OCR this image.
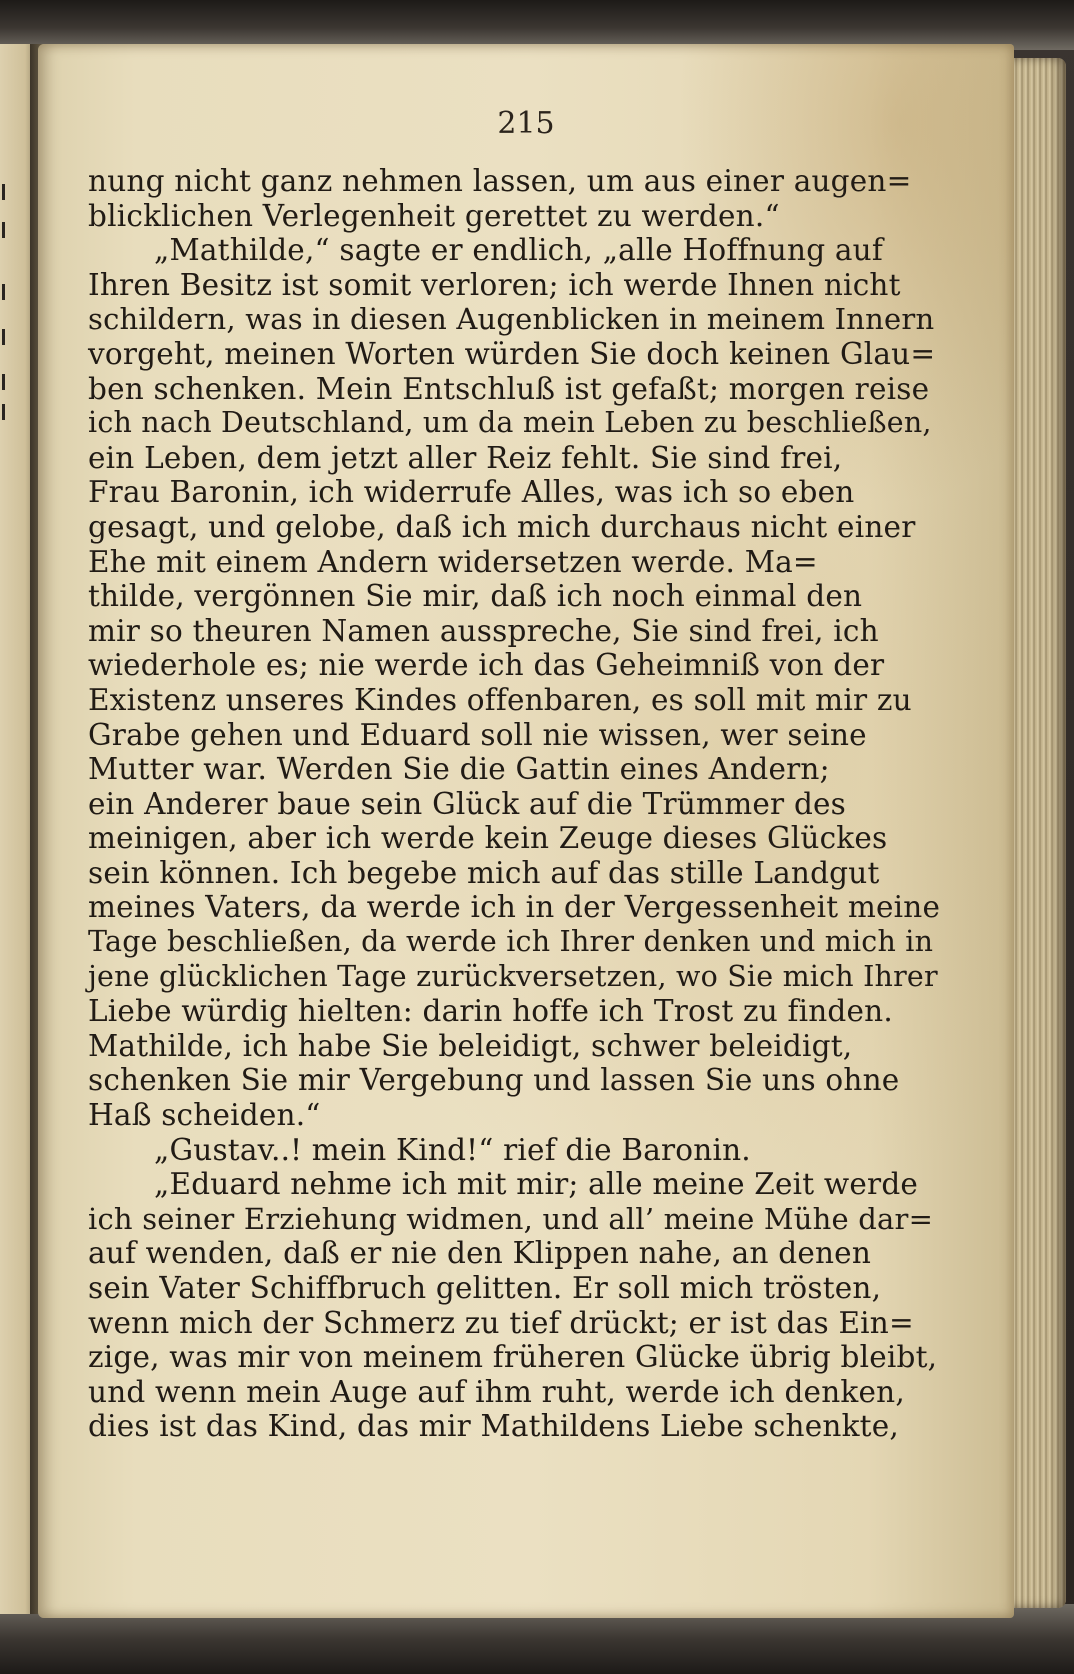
215
nung nicht ganz nehmen lassen, um aus einer augen=
blicklichen Verlegenheit gerettet zu werden.“
„Mathilde,“ sagte er endlich, „alle Hoffnung auf
Ihren Besitz ist somit verloren; ich werde Ihnen nicht
schildern, was in diesen Augenblicken in meinem Innern
vorgeht, meinen Worten würden Sie doch keinen Glau=
ben schenken. Mein Entschluß ist gefaßt; morgen reise
ich nach Deutschland, um da mein Leben zu beschließen,
ein Leben, dem jetzt aller Reiz fehlt. Sie sind frei,
Frau Baronin, ich widerrufe Alles, was ich so eben
gesagt, und gelobe, daß ich mich durchaus nicht einer
Ehe mit einem Andern widersetzen werde. Ma=
thilde, vergönnen Sie mir, daß ich noch einmal den
mir so theuren Namen ausspreche, Sie sind frei, ich
wiederhole es; nie werde ich das Geheimniß von der
Existenz unseres Kindes offenbaren, es soll mit mir zu
Grabe gehen und Eduard soll nie wissen, wer seine
Mutter war. Werden Sie die Gattin eines Andern;
ein Anderer baue sein Glück auf die Trümmer des
meinigen, aber ich werde kein Zeuge dieses Glückes
sein können. Ich begebe mich auf das stille Landgut
meines Vaters, da werde ich in der Vergessenheit meine
Tage beschließen, da werde ich Ihrer denken und mich in
jene glücklichen Tage zurückversetzen, wo Sie mich Ihrer
Liebe würdig hielten: darin hoffe ich Trost zu finden.
Mathilde, ich habe Sie beleidigt, schwer beleidigt,
schenken Sie mir Vergebung und lassen Sie uns ohne
Haß scheiden.“
„Gustav..! mein Kind!“ rief die Baronin.
„Eduard nehme ich mit mir; alle meine Zeit werde
ich seiner Erziehung widmen, und all’ meine Mühe dar=
auf wenden, daß er nie den Klippen nahe, an denen
sein Vater Schiffbruch gelitten. Er soll mich trösten,
wenn mich der Schmerz zu tief drückt; er ist das Ein=
zige, was mir von meinem früheren Glücke übrig bleibt,
und wenn mein Auge auf ihm ruht, werde ich denken,
dies ist das Kind, das mir Mathildens Liebe schenkte,
